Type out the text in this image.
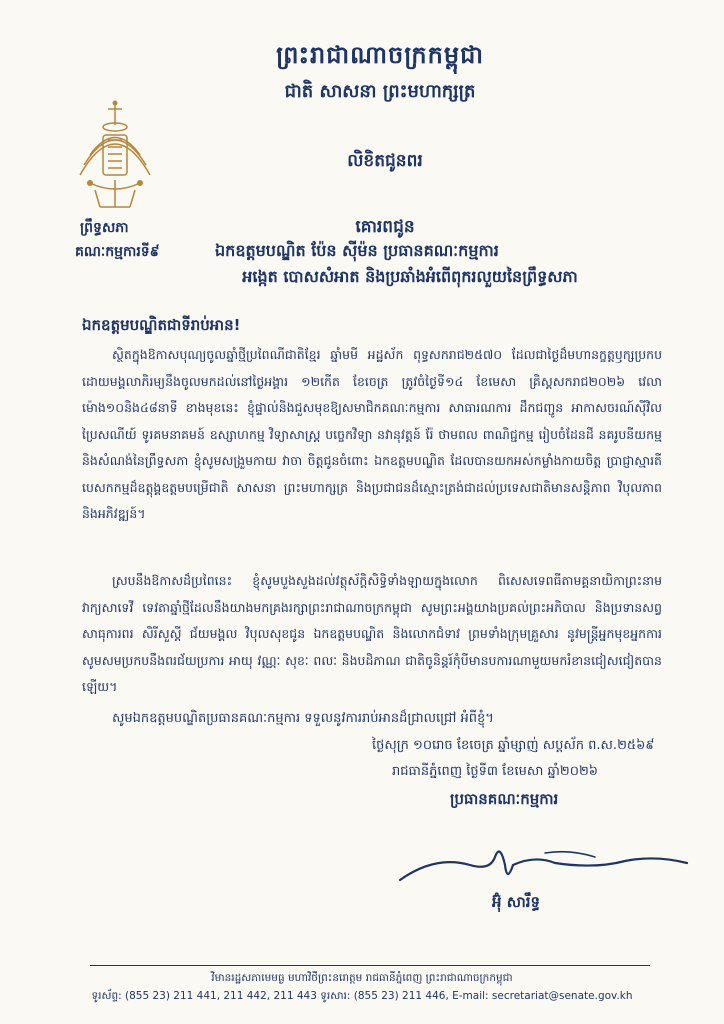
ព្រះរាជាណាចក្រកម្ពុជា
ជាតិ សាសនា ព្រះមហាក្សត្រ
លិខិតជូនពរ
ព្រឹទ្ធសភា	គោរពជូន
គណៈកម្មការទី៩	ឯកឧត្តមបណ្ឌិត ប៉ែន ស៊ីម៉ន ប្រធានគណៈកម្មការ
អង្កេត បោសសំអាត និងប្រឆាំងអំពើពុករលួយនៃព្រឹទ្ធសភា
ឯកឧត្តមបណ្ឌិតជាទីរាប់អាន!
ស្ថិតក្នុងឱកាសបុណ្យចូលឆ្នាំថ្មីប្រពៃណីជាតិខ្មែរ ឆ្នាំមមី អដ្ឋស័ក ពុទ្ធសករាជ២៥៧០ ដែលជាថ្ងៃដ៏មហានក្ខត្តឫក្សប្រកបដោយមង្គលាភិរម្យនឹងចូលមកដល់នៅថ្ងៃអង្គារ ១២កើត ខែចេត្រ ត្រូវចំថ្ងៃទី១៤ ខែមេសា គ្រិស្តសករាជ២០២៦ វេលាម៉ោង១០និង៤៨នាទី ខាងមុខនេះ ខ្ញុំផ្ទាល់និងជួសមុខឱ្យសមាជិកគណៈកម្មការ សាធារណការ ដឹកជញ្ជូន អាកាសចរណ៍ស៊ីវិល ប្រៃសណីយ៍ ទូរគមនាគមន៍ ឧស្សាហកម្ម វិទ្យាសាស្ត្រ បច្ចេកវិទ្យា នវានុវត្តន៍ រ៉ែ ថាមពល ពាណិជ្ជកម្ម រៀបចំដែនដី នគរូបនីយកម្ម និងសំណង់នៃព្រឹទ្ធសភា ខ្ញុំសូមសង្រួមកាយ វាចា ចិត្តជូនចំពោះ ឯកឧត្តមបណ្ឌិត ដែលបានយកអស់កម្លាំងកាយចិត្ត ប្រាជ្ញាស្មារតី បេសកកម្មដ៏ឧត្តុង្គឧត្តមបម្រើជាតិ សាសនា ព្រះមហាក្សត្រ និងប្រជាជនដ៏ស្មោះត្រង់ជាដល់ប្រទេសជាតិមានសន្តិភាព វិបុលភាព និងអភិវឌ្ឍន៍។
ស្របនឹងឱកាសដ៏ប្រពៃនេះ ខ្ញុំសូមបួងសួងដល់វត្ថុស័ក្តិសិទ្ធិទាំងឡាយក្នុងលោក ពិសេសទេពធីតាមគ្គនាយិកាព្រះនាមវាក្យសាទេវី ទេវតាឆ្នាំថ្មីដែលនឹងយាងមកគ្រងរក្សាព្រះរាជាណាចក្រកម្ពុជា សូមព្រះអង្គយាងប្រគល់ព្រះអភិបាល និងប្រទានសព្វសាធុការពរ សិរីសួស្តី ជ័យមង្គល វិបុលសុខជូន ឯកឧត្តមបណ្ឌិត និងលោកជំទាវ ព្រមទាំងក្រុមគ្រួសារ នូវមន្ត្រីអ្នកមុខអ្នកការ សូមសមប្រកបនឹងពរជ័យប្រការ អាយុ វណ្ណៈ សុខៈ ពលៈ និងបដិភាណ ជាតិចូនិន្តរ៍កុំបីមានបការណាមួយមករំខានជៀសជៀតបានឡើយ។
សូមឯកឧត្តមបណ្ឌិតប្រធានគណៈកម្មការ ទទួលនូវការរាប់អានដ៏ជ្រាលជ្រៅ អំពីខ្ញុំ។
ថ្ងៃសុក្រ ១០រោច ខែចេត្រ ឆ្នាំម្សាញ់ សប្តស័ក ព.ស.២៥៦៩
រាជធានីភ្នំពេញ ថ្ងៃទី៣ ខែមេសា ឆ្នាំ២០២៦
ប្រធានគណៈកម្មការ
អ៊ុំ សារឹទ្ធ
វិមានរដ្ឋសភាមេមធ្ង មហាវិថីព្រះនរោត្តម រាជធានីភ្នំពេញ ព្រះរាជាណាចក្រកម្ពុជា
ទូរស័ព្ទ: (855 23) 211 441, 211 442, 211 443 ទូរសារ: (855 23) 211 446, E-mail: secretariat@senate.gov.kh
